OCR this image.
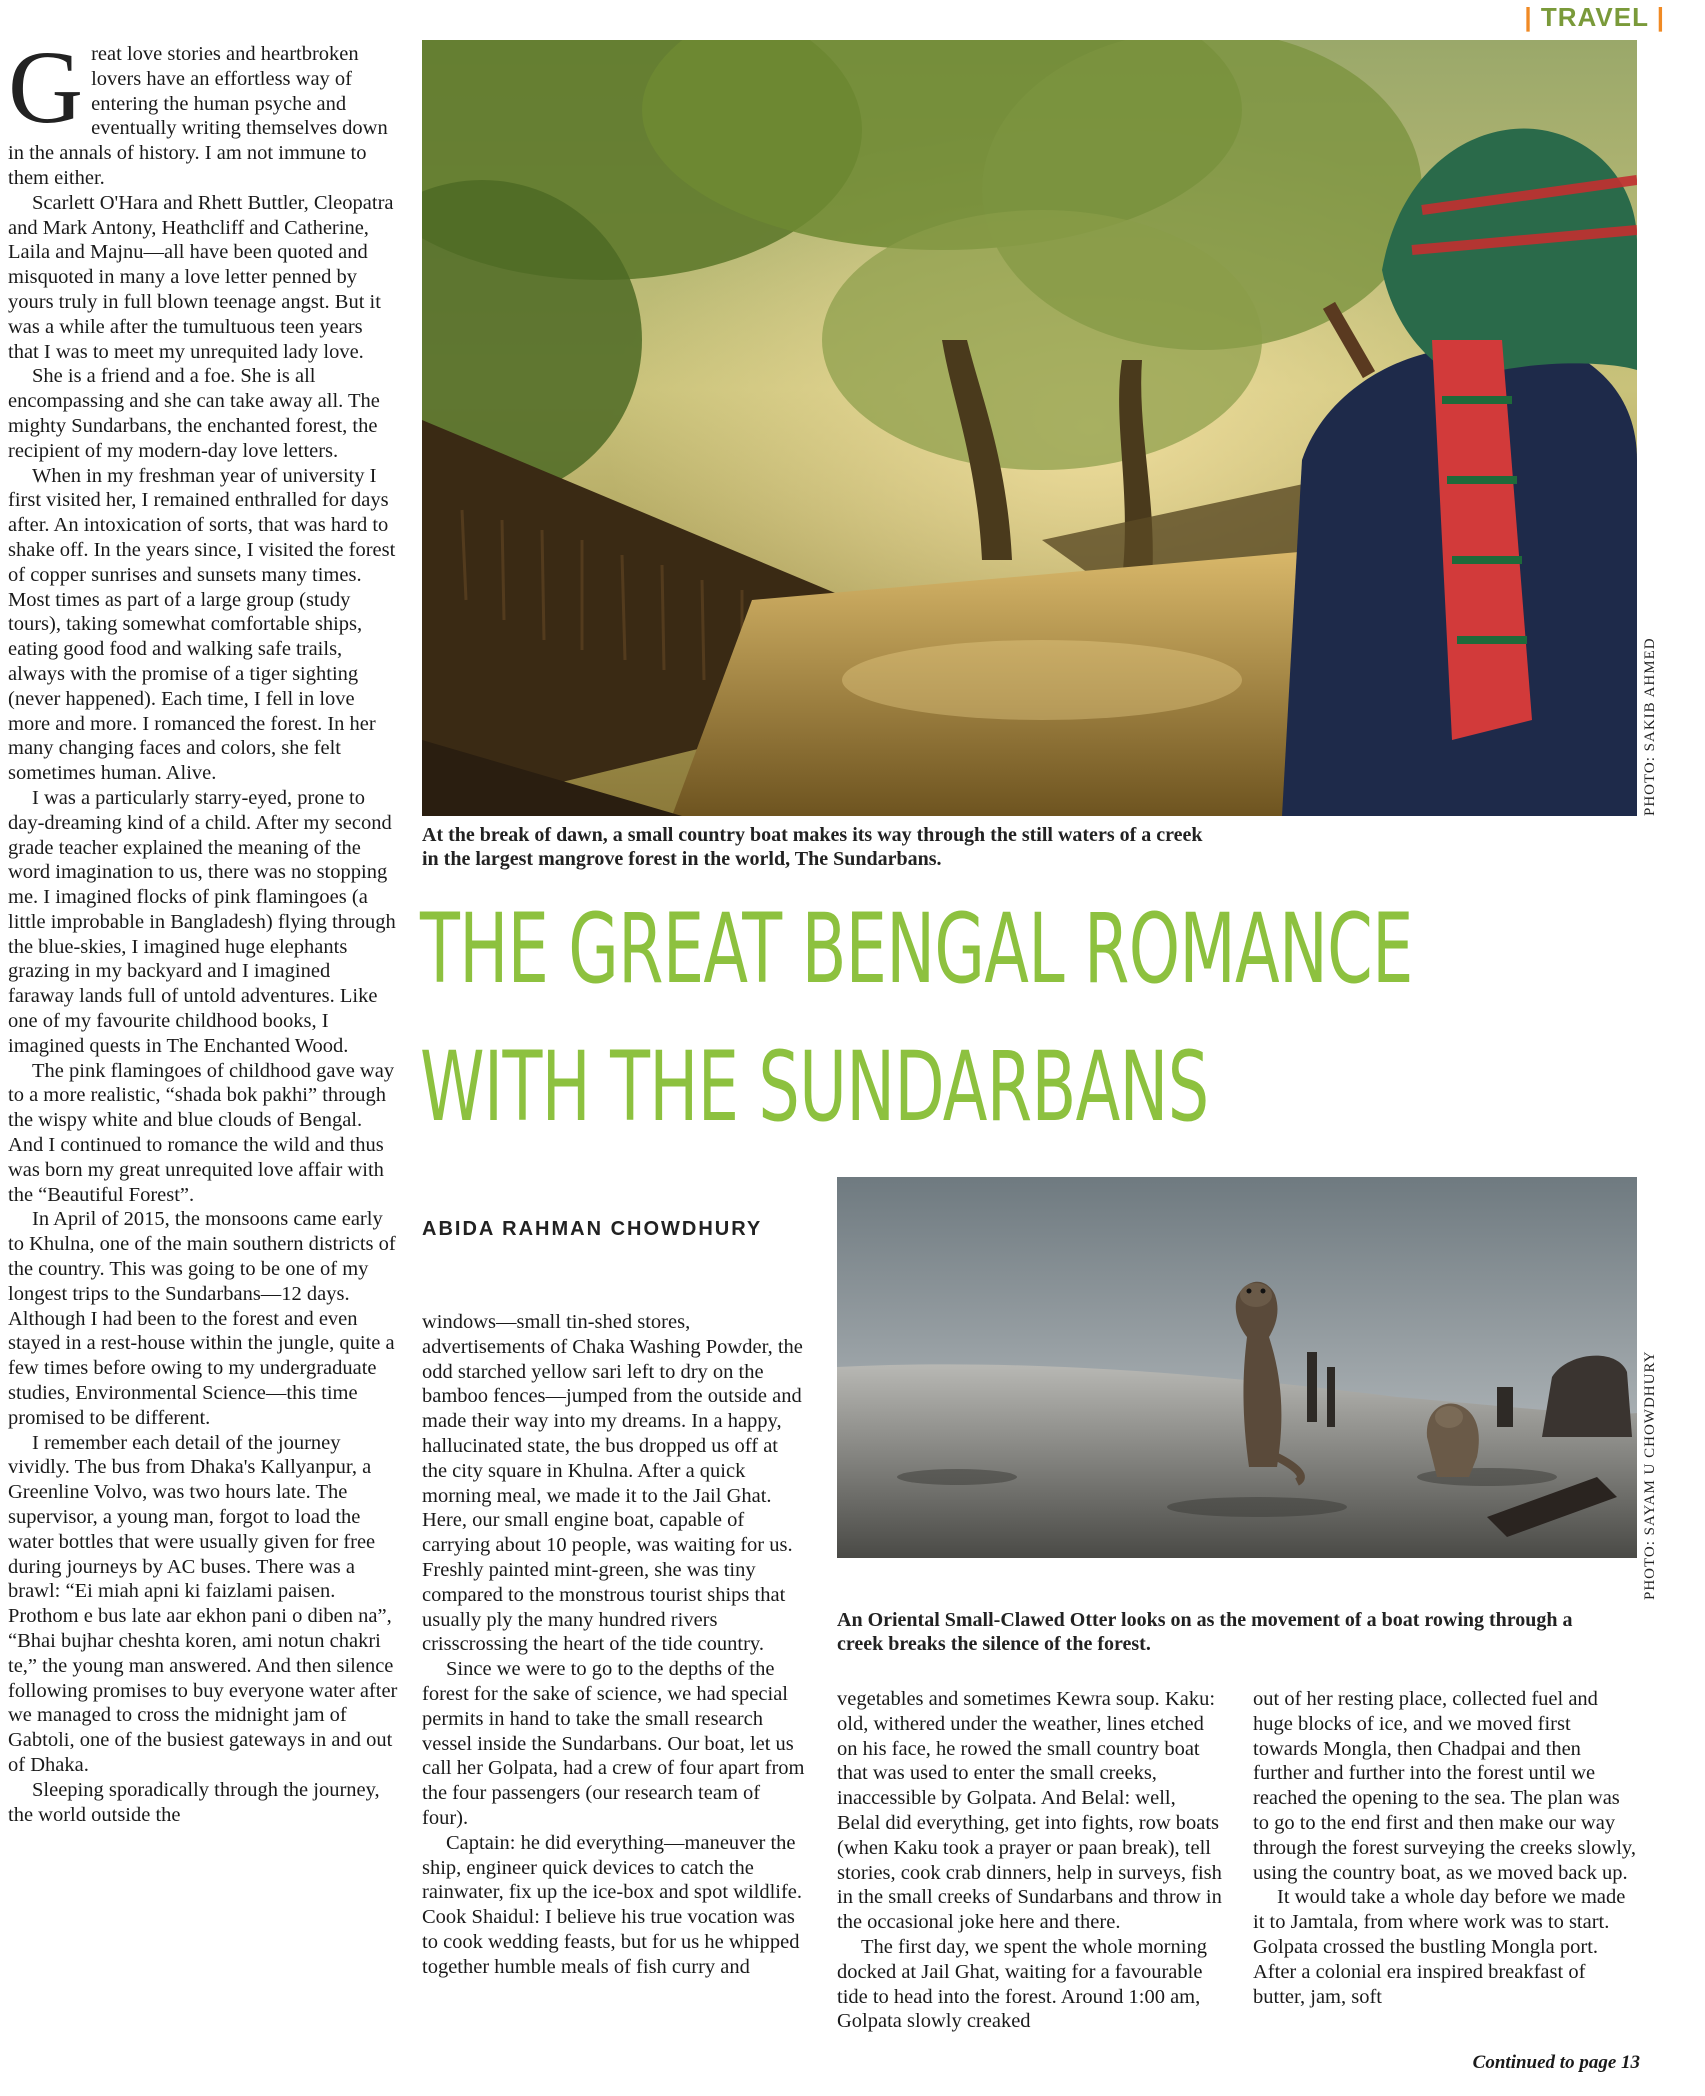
| TRAVEL |

Great love stories and heartbroken lovers have an effortless way of entering the human psyche and eventually writing themselves down in the annals of history. I am not immune to them either.

Scarlett O'Hara and Rhett Buttler, Cleopatra and Mark Antony, Heathcliff and Catherine, Laila and Majnu—all have been quoted and misquoted in many a love letter penned by yours truly in full blown teenage angst. But it was a while after the tumultuous teen years that I was to meet my unrequited lady love.

She is a friend and a foe. She is all encompassing and she can take away all. The mighty Sundarbans, the enchanted forest, the recipient of my modern-day love letters.

When in my freshman year of university I first visited her, I remained enthralled for days after. An intoxication of sorts, that was hard to shake off. In the years since, I visited the forest of copper sunrises and sunsets many times. Most times as part of a large group (study tours), taking somewhat comfortable ships, eating good food and walking safe trails, always with the promise of a tiger sighting (never happened). Each time, I fell in love more and more. I romanced the forest. In her many changing faces and colors, she felt sometimes human. Alive.

I was a particularly starry-eyed, prone to day-dreaming kind of a child. After my second grade teacher explained the meaning of the word imagination to us, there was no stopping me. I imagined flocks of pink flamingoes (a little improbable in Bangladesh) flying through the blue-skies, I imagined huge elephants grazing in my backyard and I imagined faraway lands full of untold adventures. Like one of my favourite childhood books, I imagined quests in The Enchanted Wood.

The pink flamingoes of childhood gave way to a more realistic, “shada bok pakhi” through the wispy white and blue clouds of Bengal. And I continued to romance the wild and thus was born my great unrequited love affair with the “Beautiful Forest”.

In April of 2015, the monsoons came early to Khulna, one of the main southern districts of the country. This was going to be one of my longest trips to the Sundarbans—12 days. Although I had been to the forest and even stayed in a rest-house within the jungle, quite a few times before owing to my undergraduate studies, Environmental Science—this time promised to be different.

I remember each detail of the journey vividly. The bus from Dhaka's Kallyanpur, a Greenline Volvo, was two hours late. The supervisor, a young man, forgot to load the water bottles that were usually given for free during journeys by AC buses. There was a brawl: “Ei miah apni ki faizlami paisen. Prothom e bus late aar ekhon pani o diben na”, “Bhai bujhar cheshta koren, ami notun chakri te,” the young man answered. And then silence following promises to buy everyone water after we managed to cross the midnight jam of Gabtoli, one of the busiest gateways in and out of Dhaka.

Sleeping sporadically through the journey, the world outside the

PHOTO: SAKIB AHMED
At the break of dawn, a small country boat makes its way through the still waters of a creek in the largest mangrove forest in the world, The Sundarbans.
THE GREAT BENGAL ROMANCE
WITH THE SUNDARBANS
ABIDA RAHMAN CHOWDHURY
PHOTO: SAYAM U CHOWDHURY
An Oriental Small-Clawed Otter looks on as the movement of a boat rowing through a creek breaks the silence of the forest.

windows—small tin-shed stores, advertisements of Chaka Washing Powder, the odd starched yellow sari left to dry on the bamboo fences—jumped from the outside and made their way into my dreams. In a happy, hallucinated state, the bus dropped us off at the city square in Khulna. After a quick morning meal, we made it to the Jail Ghat. Here, our small engine boat, capable of carrying about 10 people, was waiting for us. Freshly painted mint-green, she was tiny compared to the monstrous tourist ships that usually ply the many hundred rivers crisscrossing the heart of the tide country.

Since we were to go to the depths of the forest for the sake of science, we had special permits in hand to take the small research vessel inside the Sundarbans. Our boat, let us call her Golpata, had a crew of four apart from the four passengers (our research team of four).

Captain: he did everything—maneuver the ship, engineer quick devices to catch the rainwater, fix up the ice-box and spot wildlife. Cook Shaidul: I believe his true vocation was to cook wedding feasts, but for us he whipped together humble meals of fish curry and

vegetables and sometimes Kewra soup. Kaku: old, withered under the weather, lines etched on his face, he rowed the small country boat that was used to enter the small creeks, inaccessible by Golpata. And Belal: well, Belal did everything, get into fights, row boats (when Kaku took a prayer or paan break), tell stories, cook crab dinners, help in surveys, fish in the small creeks of Sundarbans and throw in the occasional joke here and there.

The first day, we spent the whole morning docked at Jail Ghat, waiting for a favourable tide to head into the forest. Around 1:00 am, Golpata slowly creaked

out of her resting place, collected fuel and huge blocks of ice, and we moved first towards Mongla, then Chadpai and then further and further into the forest until we reached the opening to the sea. The plan was to go to the end first and then make our way through the forest surveying the creeks slowly, using the country boat, as we moved back up.

It would take a whole day before we made it to Jamtala, from where work was to start. Golpata crossed the bustling Mongla port. After a colonial era inspired breakfast of butter, jam, soft

Continued to page 13
